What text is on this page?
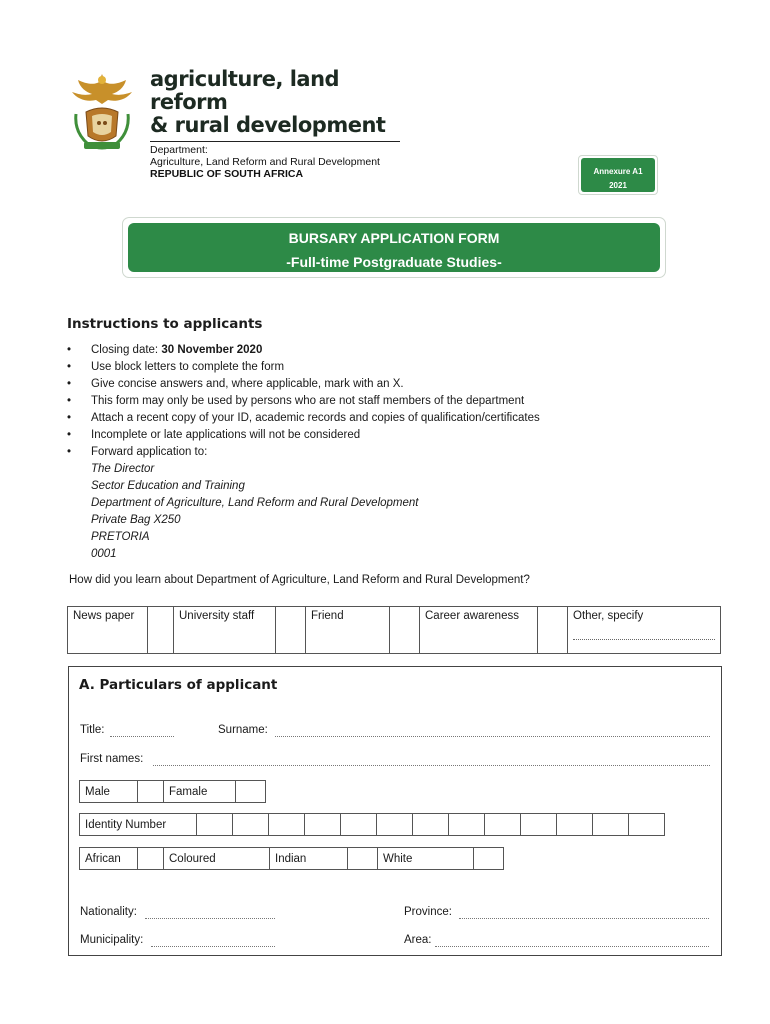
agriculture, land reform
& rural development
Department:
Agriculture, Land Reform and Rural Development
REPUBLIC OF SOUTH AFRICA	Annexure A1
2021
BURSARY APPLICATION FORM
-Full-time Postgraduate Studies-
Instructions to applicants
•	Closing date: 30 November 2020
•	Use block letters to complete the form
•	Give concise answers and, where applicable, mark with an X.
•	This form may only be used by persons who are not staff members of the department
•	Attach a recent copy of your ID, academic records and copies of qualification/certificates
•	Incomplete or late applications will not be considered
•	Forward application to:
The Director
Sector Education and Training
Department of Agriculture, Land Reform and Rural Development
Private Bag X250
PRETORIA
0001
How did you learn about Department of Agriculture, Land Reform and Rural Development?
News paper		University staff		Friend		Career awareness		Other, specify
A. Particulars of applicant
Title:	Surname:
First names:
Male		Famale	
Identity Number													
African		Coloured	Indian		White	
Nationality:	Province:
Municipality:	Area:
